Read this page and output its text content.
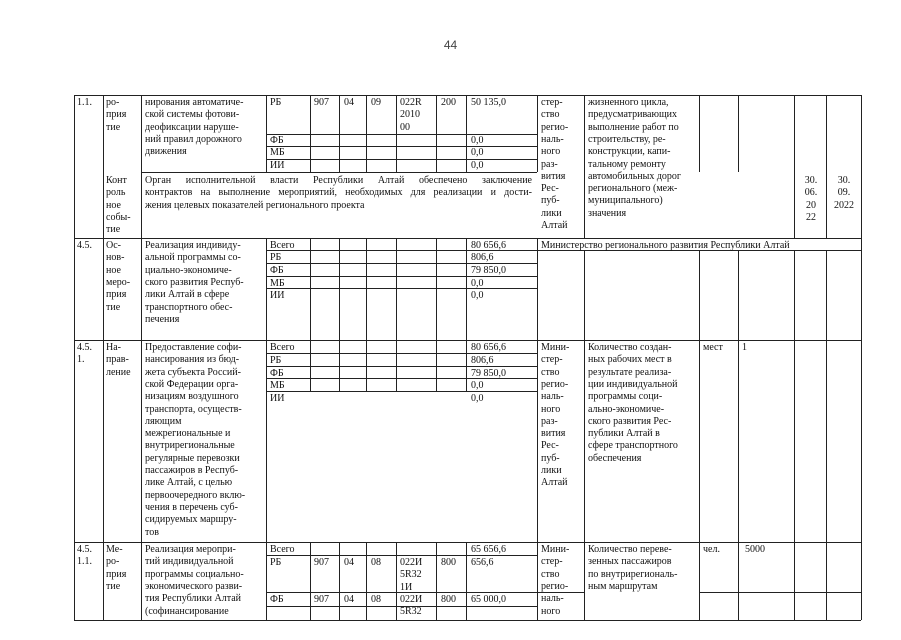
44
1.1. ро-
прия
тие
нирования автоматиче-
ской системы фотови-
деофиксации наруше-
ний правил дорожного
движения
РБ
ФБ
МБ
ИИ
907 04 09 022R
2010
00
200 50 135,0
0,0
0,0
0,0
стер-
ство
регио-
наль-
ного
раз-
вития
Рес-
пуб-
лики
Алтай
жизненного цикла,
предусматривающих
выполнение работ по
строительству, ре-
конструкции, капи-
тальному ремонту
автомобильных дорог
регионального (меж-
муниципального)
значения
Конт
роль
ное
собы-
тие
Орган исполнительной власти Республики Алтай обеспечено заключение
контрактов на выполнение мероприятий, необходимых для реализации и дости-
жения целевых показателей регионального проекта
30.
06.
20
22
30.
09.
2022
4.5. Ос-
нов-
ное
меро-
прия
тие
Реализация индивиду-
альной программы со-
циально-экономиче-
ского развития Респуб-
лики Алтай в сфере
транспортного обес-
печения
Всего
РБ
ФБ
МБ
ИИ
80 656,6
806,6
79 850,0
0,0
0,0
Министерство регионального развития Республики Алтай
4.5.
1.
На-
прав-
ление
Предоставление софи-
нансирования из бюд-
жета субъекта Россий-
ской Федерации орга-
низациям воздушного
транспорта, осуществ-
ляющим
межрегиональные и
внутрирегиональные
регулярные перевозки
пассажиров в Респуб-
лике Алтай, с целью
первоочередного вклю-
чения в перечень суб-
сидируемых маршру-
тов
Всего
РБ
ФБ
МБ
ИИ
80 656,6
806,6
79 850,0
0,0
0,0
Мини-
стер-
ство
регио-
наль-
ного
раз-
вития
Рес-
пуб-
лики
Алтай
Количество создан-
ных рабочих мест в
результате реализа-
ции индивидуальной
программы соци-
ально-экономиче-
ского развития Рес-
публики Алтай в
сфере транспортного
обеспечения
мест 1
4.5.
1.1.
Ме-
ро-
прия
тие
Реализация меропри-
тий индивидуальной
программы социально-
экономического разви-
тия Республики Алтай
(софинансирование
Всего
РБ
ФБ
907 04 08 022И
5R32
1И
800
907 04 08 022И
5R32
800
65 656,6
656,6
65 000,0
Мини-
стер-
ство
регио-
наль-
ного
Количество переве-
зенных пассажиров
по внутрирегиональ-
ным маршрутам
чел.	5000
